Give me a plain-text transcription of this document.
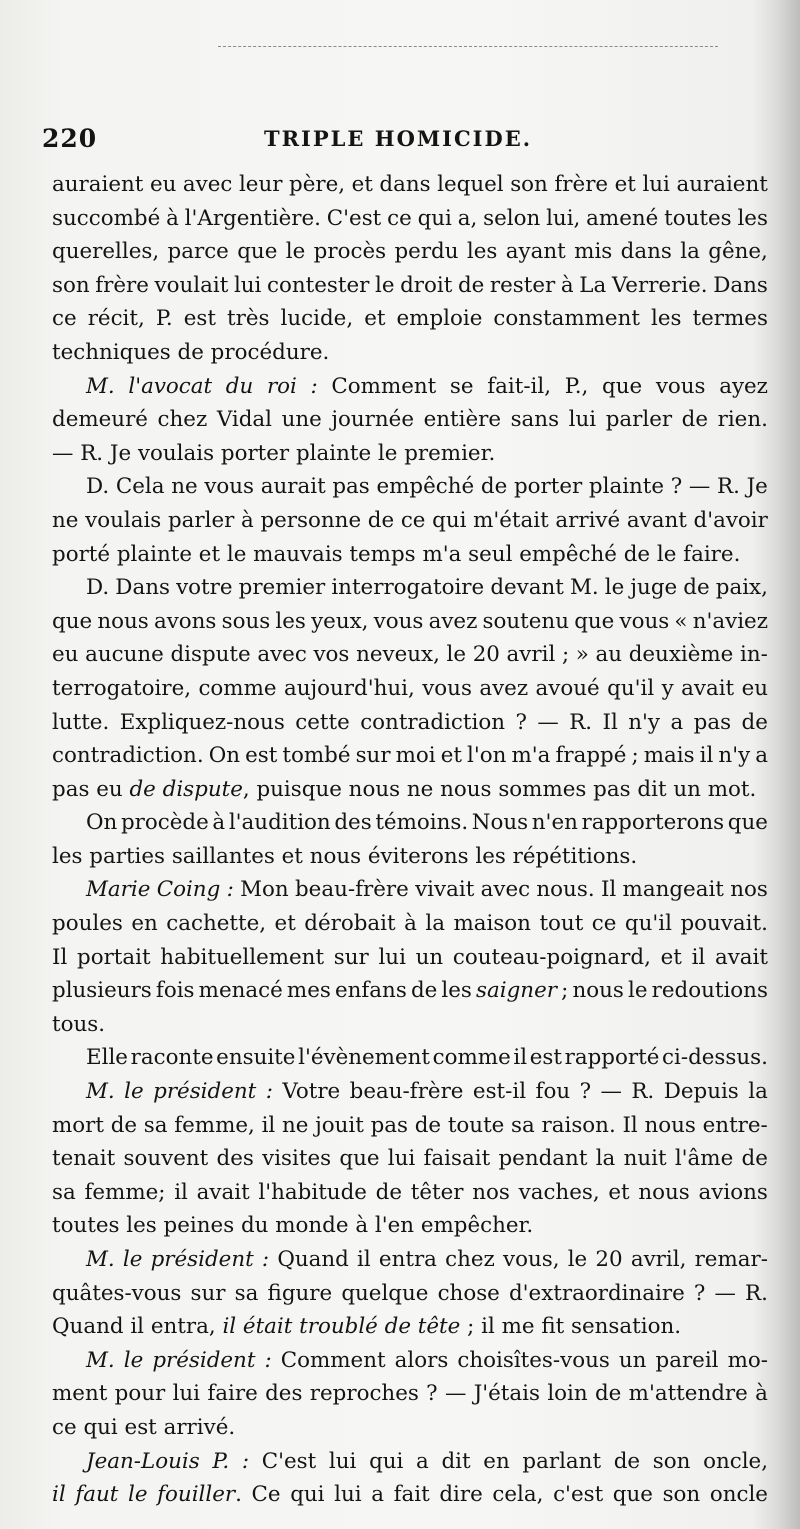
220	TRIPLE HOMICIDE.
auraient eu avec leur père, et dans lequel son frère et lui auraient
succombé à l'Argentière. C'est ce qui a, selon lui, amené toutes les
querelles, parce que le procès perdu les ayant mis dans la gêne,
son frère voulait lui contester le droit de rester à La Verrerie. Dans
ce récit, P. est très lucide, et emploie constamment les termes
techniques de procédure.
M. l'avocat du roi : Comment se fait-il, P., que vous ayez
demeuré chez Vidal une journée entière sans lui parler de rien.
— R. Je voulais porter plainte le premier.
D. Cela ne vous aurait pas empêché de porter plainte ? — R. Je
ne voulais parler à personne de ce qui m'était arrivé avant d'avoir
porté plainte et le mauvais temps m'a seul empêché de le faire.
D. Dans votre premier interrogatoire devant M. le juge de paix,
que nous avons sous les yeux, vous avez soutenu que vous « n'aviez
eu aucune dispute avec vos neveux, le 20 avril ; » au deuxième in-
terrogatoire, comme aujourd'hui, vous avez avoué qu'il y avait eu
lutte. Expliquez-nous cette contradiction ? — R. Il n'y a pas de
contradiction. On est tombé sur moi et l'on m'a frappé ; mais il n'y a
pas eu de dispute , puisque nous ne nous sommes pas dit un mot.
On procède à l'audition des témoins. Nous n'en rapporterons que
les parties saillantes et nous éviterons les répétitions.
Marie Coing : Mon beau-frère vivait avec nous. Il mangeait nos
poules en cachette, et dérobait à la maison tout ce qu'il pouvait.
Il portait habituellement sur lui un couteau-poignard, et il avait
plusieurs fois menacé mes enfans de les saigner ; nous le redoutions
tous.
Elle raconte ensuite l'évènement comme il est rapporté ci-dessus.
M. le président : Votre beau-frère est-il fou ? — R. Depuis la
mort de sa femme, il ne jouit pas de toute sa raison. Il nous entre-
tenait souvent des visites que lui faisait pendant la nuit l'âme de
sa femme; il avait l'habitude de têter nos vaches, et nous avions
toutes les peines du monde à l'en empêcher.
M. le président : Quand il entra chez vous, le 20 avril, remar-
quâtes-vous sur sa figure quelque chose d'extraordinaire ? — R.
Quand il entra, il était troublé de tête ; il me fit sensation.
M. le président : Comment alors choisîtes-vous un pareil mo-
ment pour lui faire des reproches ? — J'étais loin de m'attendre à
ce qui est arrivé.
Jean-Louis P. : C'est lui qui a dit en parlant de son oncle,
il faut le fouiller. Ce qui lui a fait dire cela, c'est que son oncle
